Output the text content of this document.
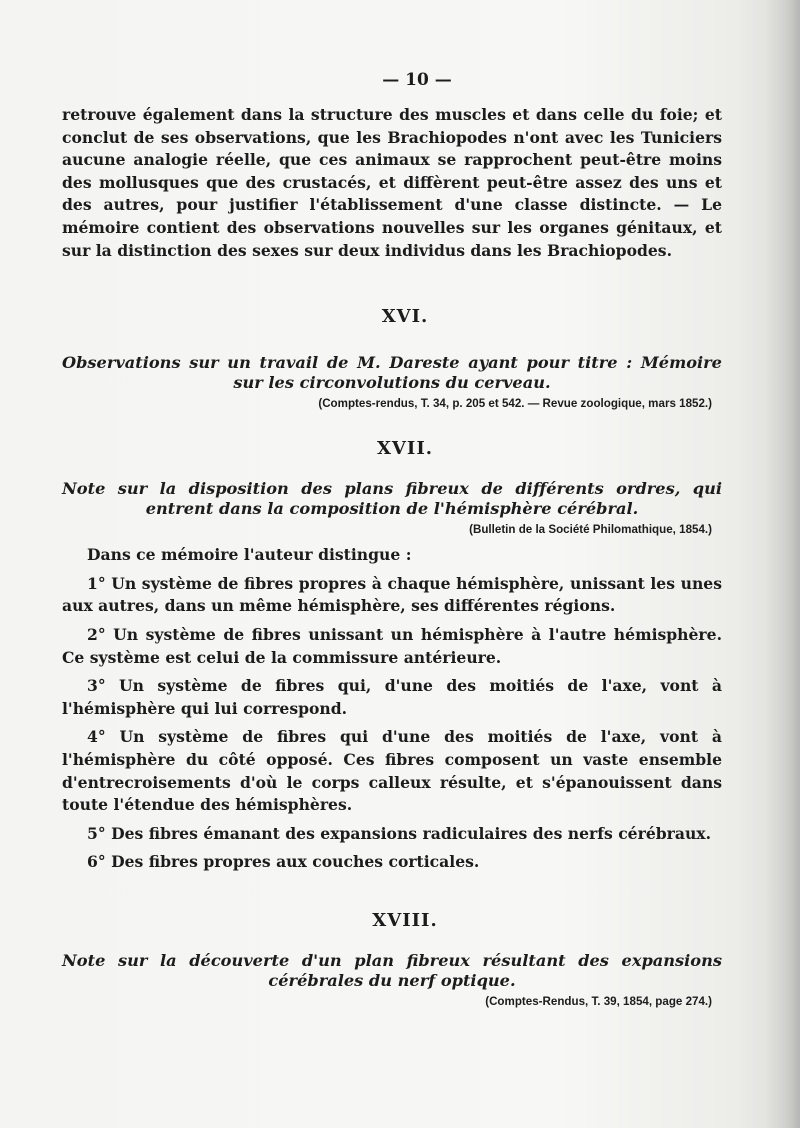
— 10 —

retrouve également dans la structure des muscles et dans celle du foie; et conclut de ses observations, que les Brachiopodes n'ont avec les Tuniciers aucune analogie réelle, que ces animaux se rapprochent peut-être moins des mollusques que des crustacés, et diffèrent peut-être assez des uns et des autres, pour justifier l'établissement d'une classe distincte. — Le mémoire contient des observations nouvelles sur les organes génitaux, et sur la distinction des sexes sur deux individus dans les Brachiopodes.

XVI.

Observations sur un travail de M. Dareste ayant pour titre : Mémoire sur les circonvolutions du cerveau.

(Comptes-rendus, T. 34, p. 205 et 542. — Revue zoologique, mars 1852.)
XVII.

Note sur la disposition des plans fibreux de différents ordres, qui entrent dans la composition de l'hémisphère cérébral.

(Bulletin de la Société Philomathique, 1854.)

Dans ce mémoire l'auteur distingue :

1° Un système de fibres propres à chaque hémisphère, unissant les unes aux autres, dans un même hémisphère, ses différentes régions.

2° Un système de fibres unissant un hémisphère à l'autre hémisphère. Ce système est celui de la commissure antérieure.

3° Un système de fibres qui, d'une des moitiés de l'axe, vont à l'hémisphère qui lui correspond.

4° Un système de fibres qui d'une des moitiés de l'axe, vont à l'hémisphère du côté opposé. Ces fibres composent un vaste ensemble d'entrecroisements d'où le corps calleux résulte, et s'épanouissent dans toute l'étendue des hémisphères.

5° Des fibres émanant des expansions radiculaires des nerfs cérébraux.

6° Des fibres propres aux couches corticales.

XVIII.

Note sur la découverte d'un plan fibreux résultant des expansions cérébrales du nerf optique.

(Comptes-Rendus, T. 39, 1854, page 274.)
